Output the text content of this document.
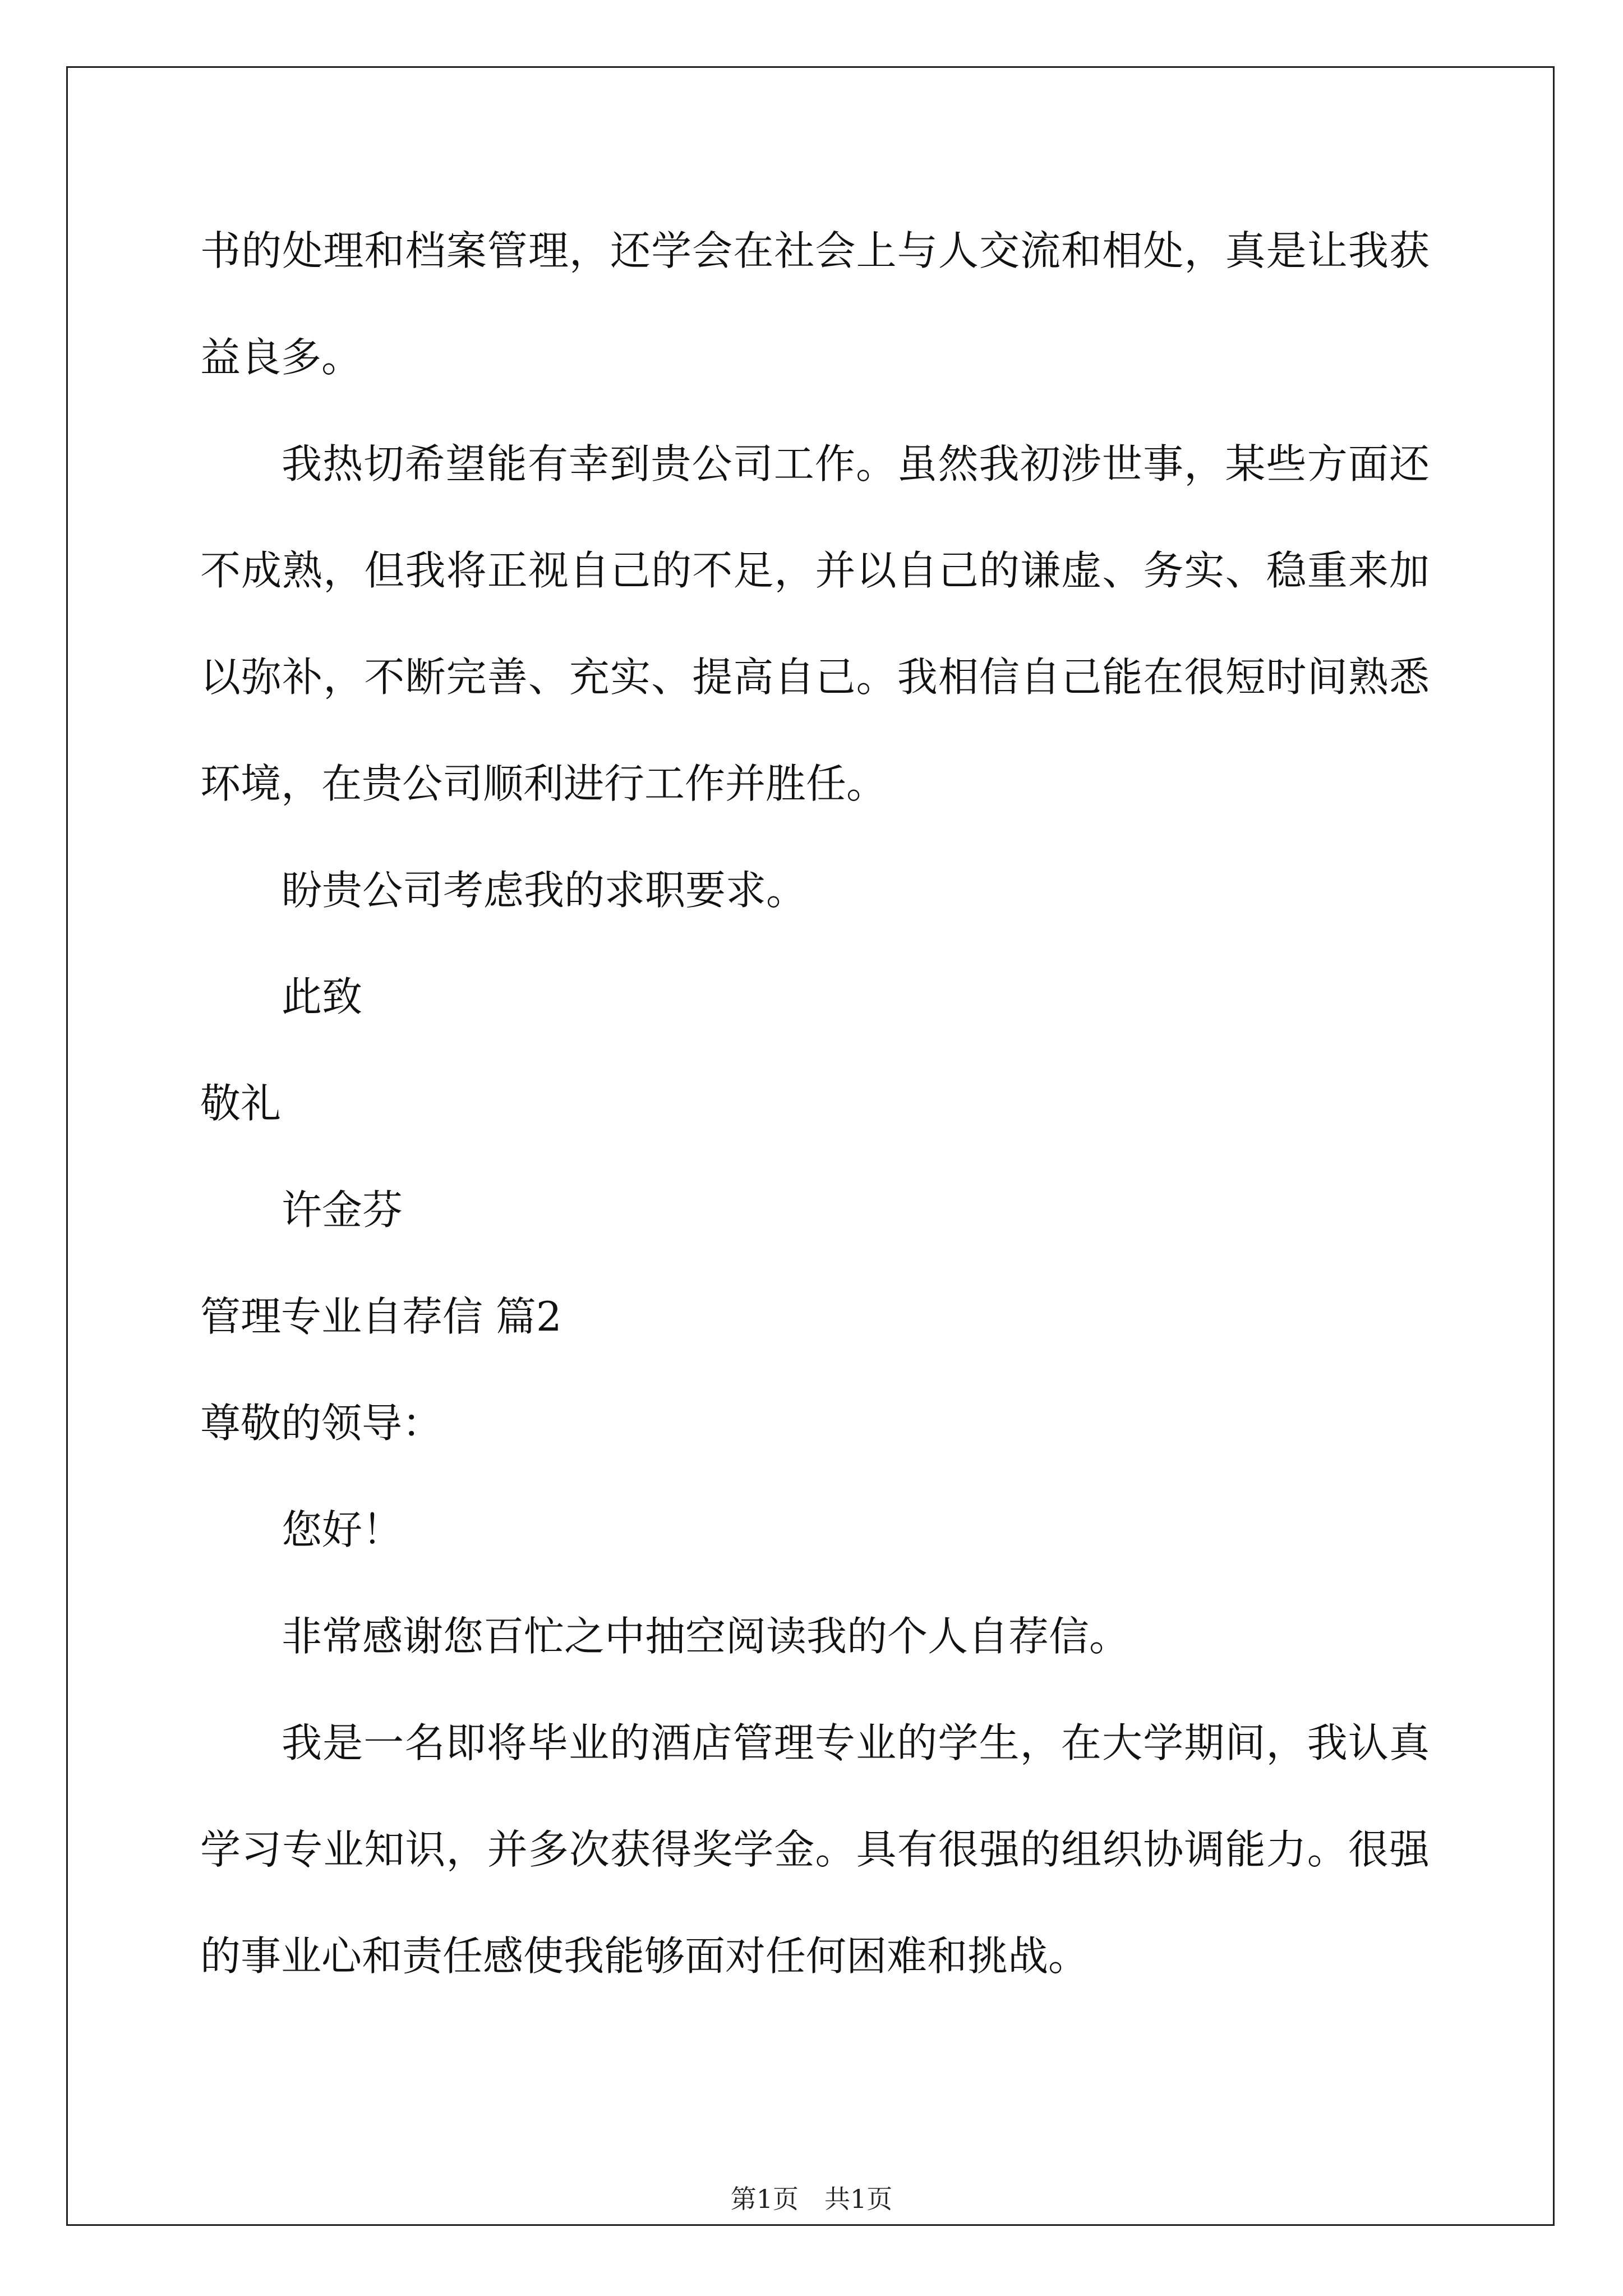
书的处理和档案管理，还学会在社会上与人交流和相处，真是让我获
益良多。
我热切希望能有幸到贵公司工作。虽然我初涉世事，某些方面还
不成熟，但我将正视自己的不足，并以自己的谦虚、务实、稳重来加
以弥补，不断完善、充实、提高自己。我相信自己能在很短时间熟悉
环境，在贵公司顺利进行工作并胜任。
盼贵公司考虑我的求职要求。
此致
敬礼
许金芬
管理专业自荐信 篇2
尊敬的领导：
您好！
非常感谢您百忙之中抽空阅读我的个人自荐信。
我是一名即将毕业的酒店管理专业的学生，在大学期间，我认真
学习专业知识，并多次获得奖学金。具有很强的组织协调能力。很强
的事业心和责任感使我能够面对任何困难和挑战。
第1页　共1页
